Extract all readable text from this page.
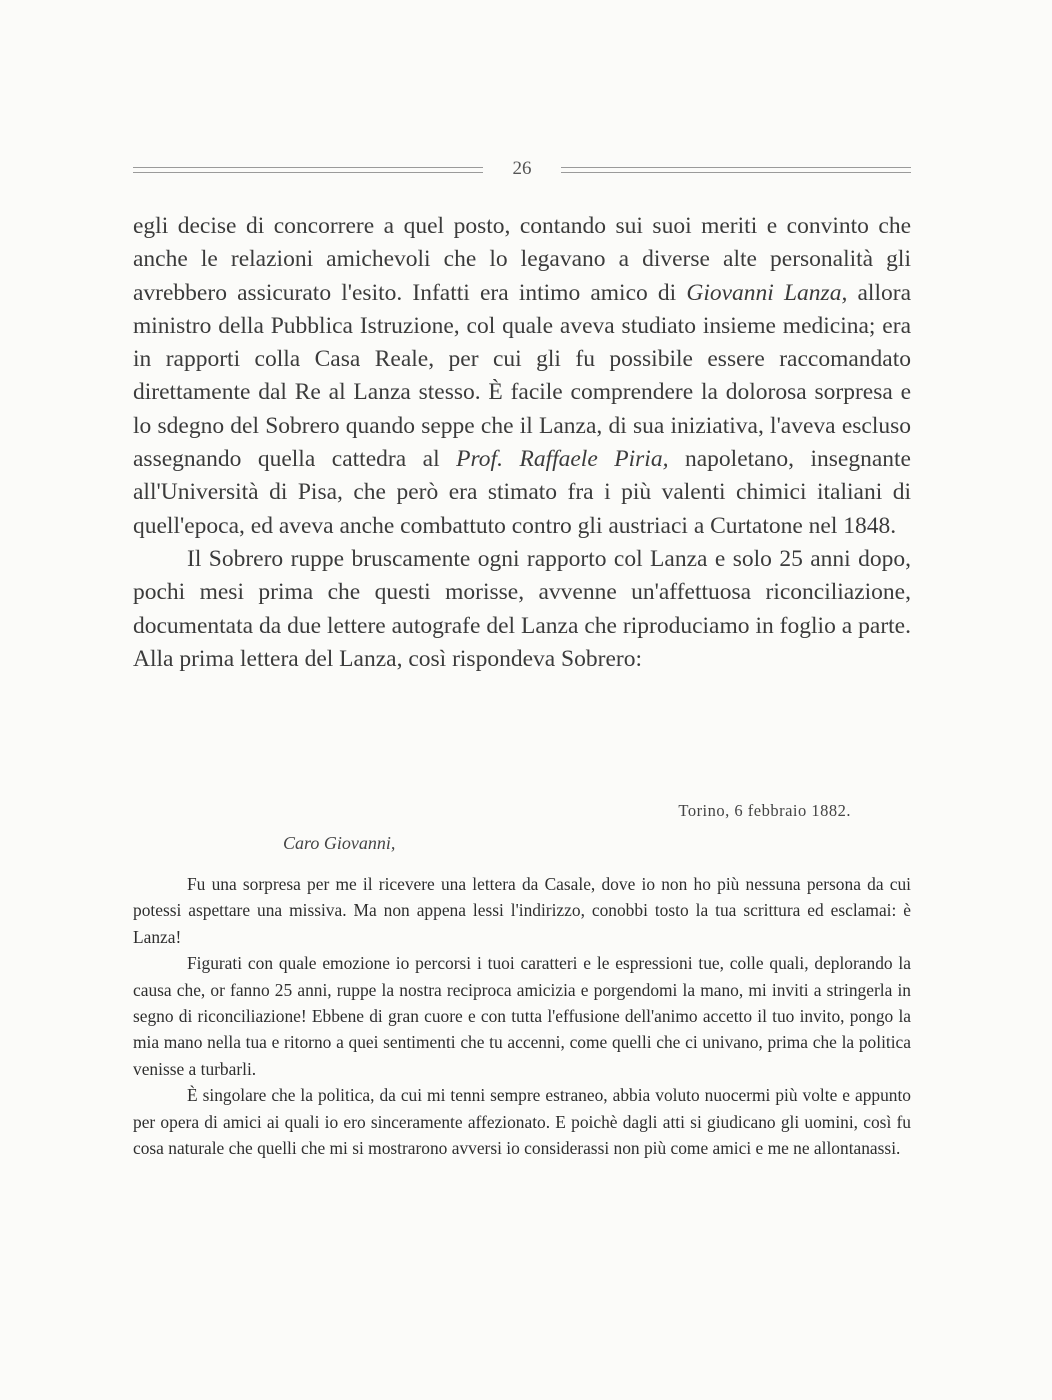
26

egli decise di concorrere a quel posto, contando sui suoi meriti e convinto che anche le relazioni amichevoli che lo legavano a diverse alte personalità gli avrebbero assicurato l'esito. Infatti era intimo amico di Giovanni Lanza, allora ministro della Pubblica Istruzione, col quale aveva studiato insieme medicina; era in rapporti colla Casa Reale, per cui gli fu possibile essere raccomandato direttamente dal Re al Lanza stesso. È facile comprendere la dolorosa sorpresa e lo sdegno del Sobrero quando seppe che il Lanza, di sua iniziativa, l'aveva escluso assegnando quella cattedra al Prof. Raffaele Piria, napoletano, insegnante all'Università di Pisa, che però era stimato fra i più valenti chimici italiani di quell'epoca, ed aveva anche combattuto contro gli austriaci a Curtatone nel 1848.

Il Sobrero ruppe bruscamente ogni rapporto col Lanza e solo 25 anni dopo, pochi mesi prima che questi morisse, avvenne un'affettuosa riconciliazione, documentata da due lettere autografe del Lanza che riproduciamo in foglio a parte. Alla prima lettera del Lanza, così rispondeva Sobrero:

Torino, 6 febbraio 1882.
Caro Giovanni,

Fu una sorpresa per me il ricevere una lettera da Casale, dove io non ho più nessuna persona da cui potessi aspettare una missiva. Ma non appena lessi l'indirizzo, conobbi tosto la tua scrittura ed esclamai: è Lanza!

Figurati con quale emozione io percorsi i tuoi caratteri e le espressioni tue, colle quali, deplorando la causa che, or fanno 25 anni, ruppe la nostra reciproca amicizia e porgendomi la mano, mi inviti a stringerla in segno di riconciliazione! Ebbene di gran cuore e con tutta l'effusione dell'animo accetto il tuo invito, pongo la mia mano nella tua e ritorno a quei sentimenti che tu accenni, come quelli che ci univano, prima che la politica venisse a turbarli.

È singolare che la politica, da cui mi tenni sempre estraneo, abbia voluto nuocermi più volte e appunto per opera di amici ai quali io ero sinceramente affezionato. E poichè dagli atti si giudicano gli uomini, così fu cosa naturale che quelli che mi si mostrarono avversi io considerassi non più come amici e me ne allontanassi.
